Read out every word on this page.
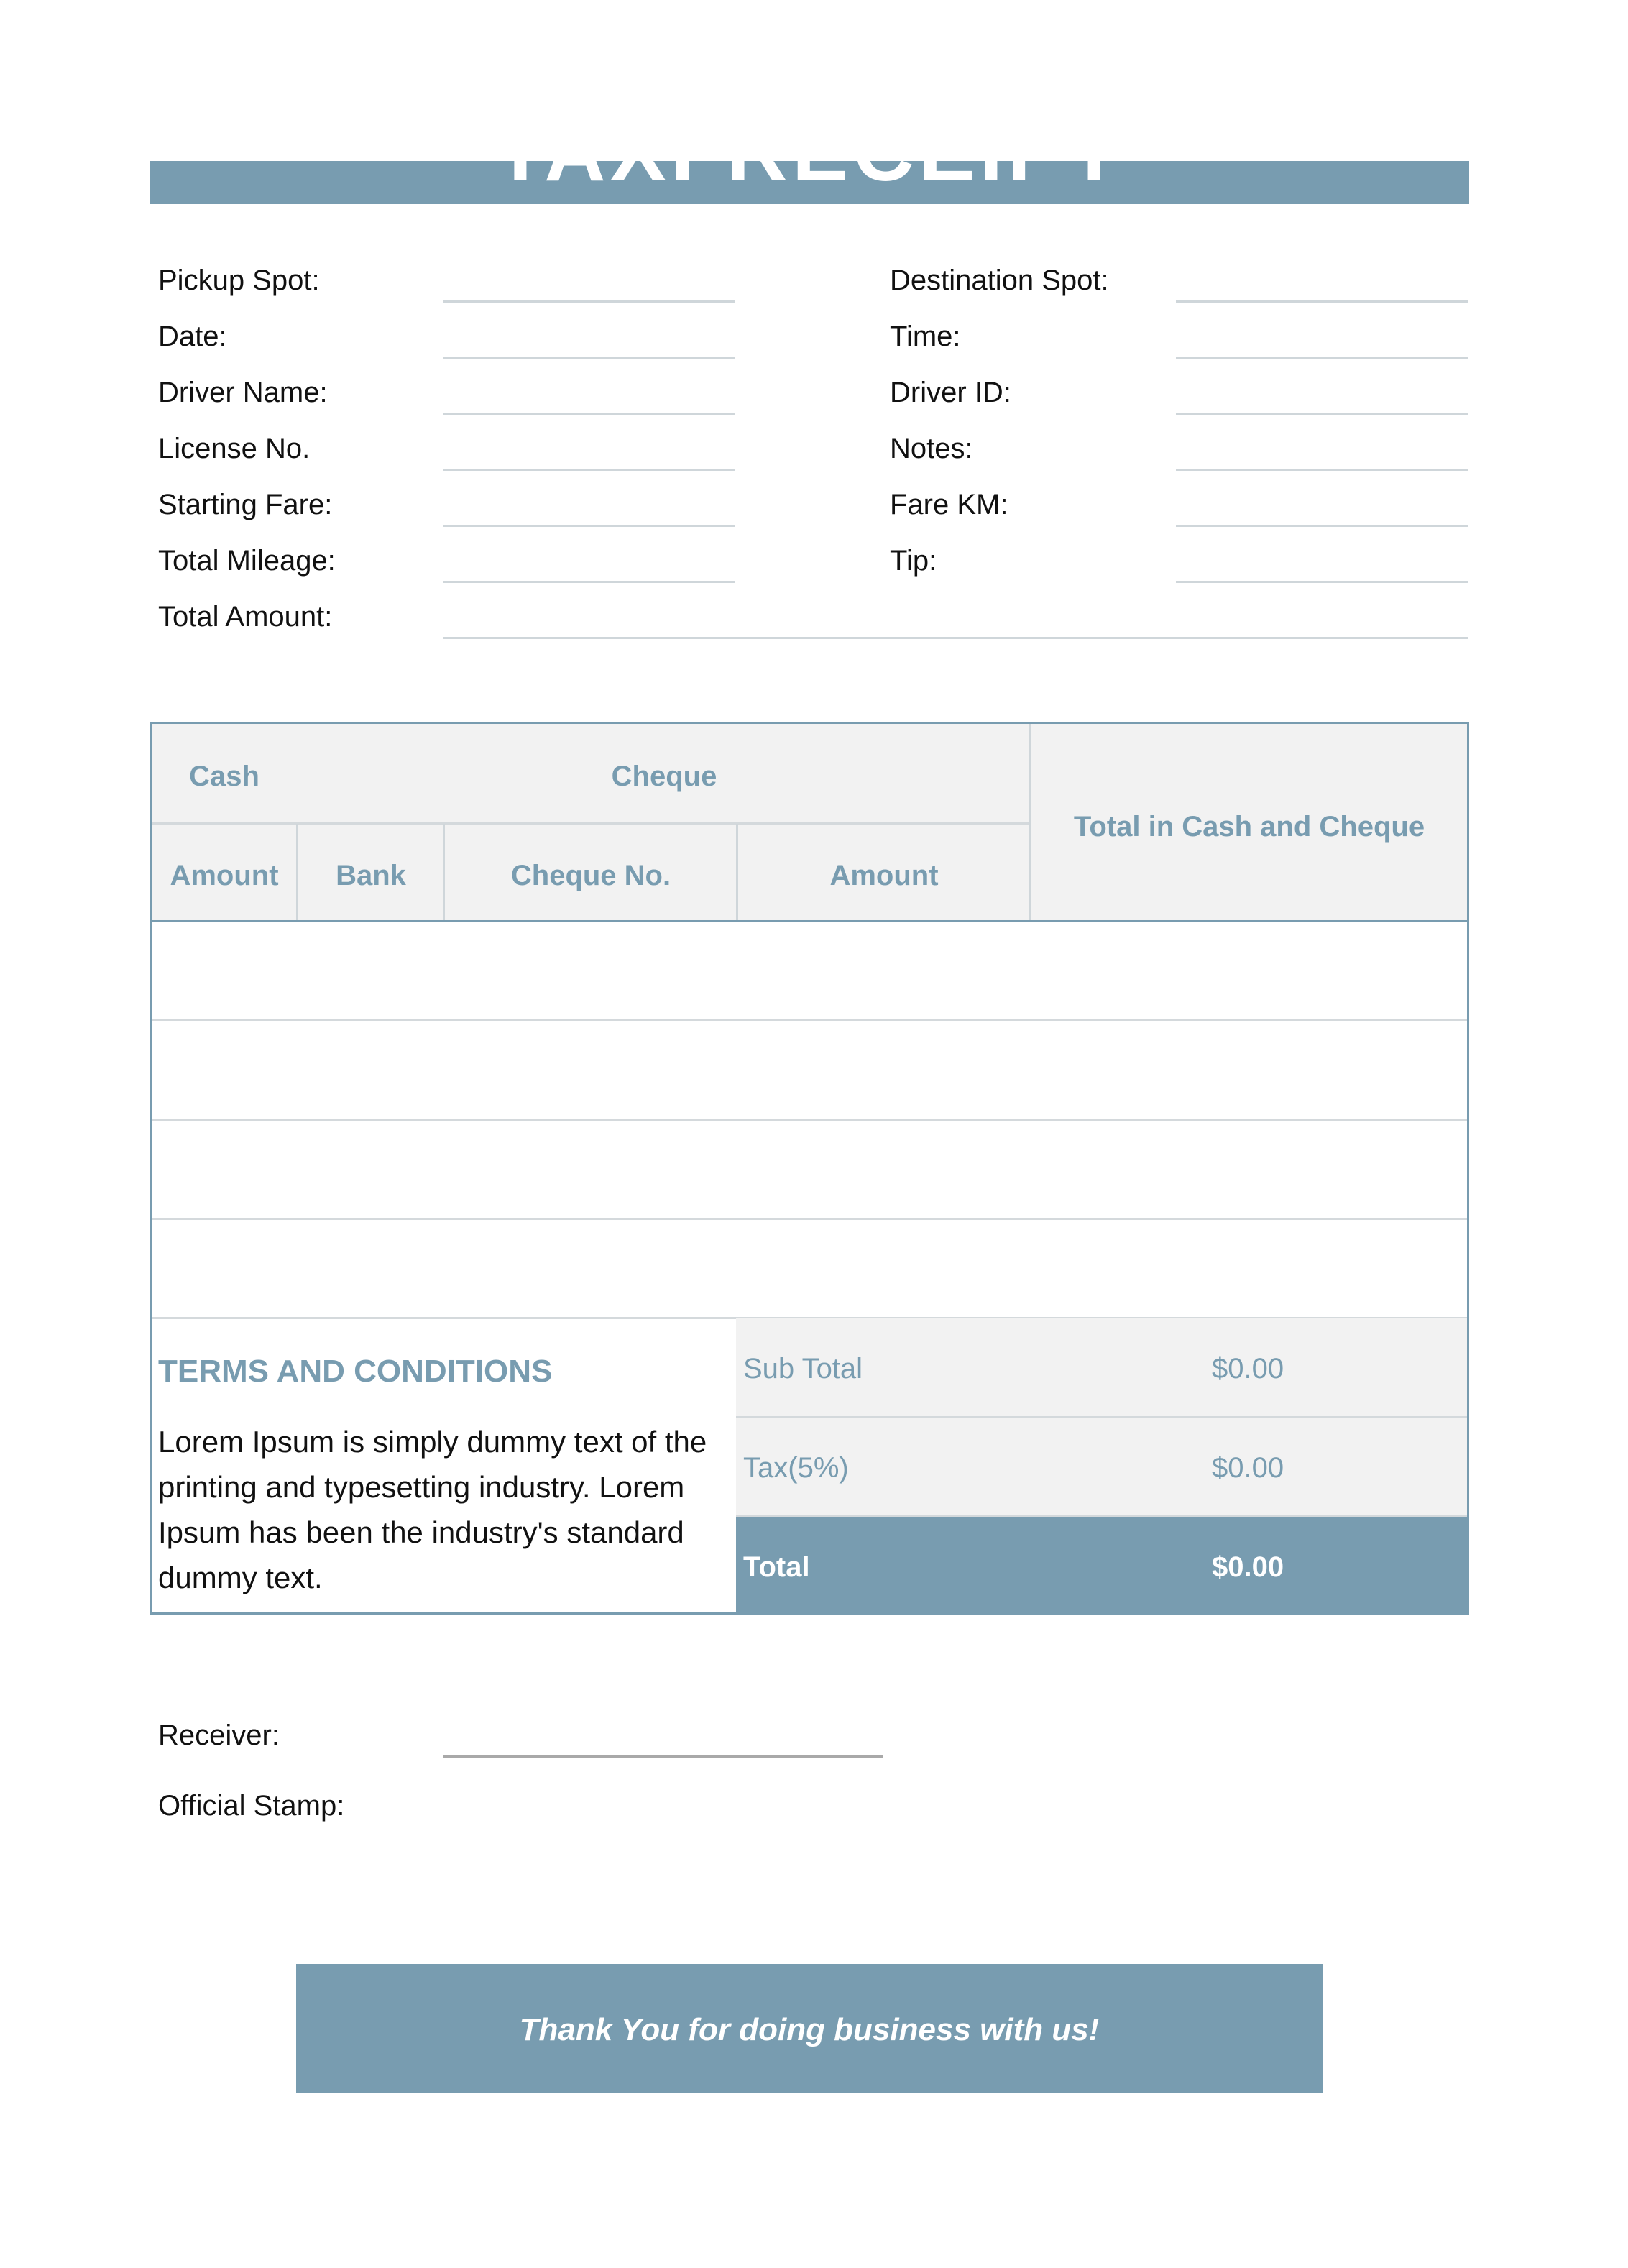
TAXI RECEIPT
Pickup Spot:
Date:
Driver Name:
License No.
Starting Fare:
Total Mileage:
Total Amount:
Destination Spot:
Time:
Driver ID:
Notes:
Fare KM:
Tip:
Cash	Cheque
Amount	Bank	Cheque No.	Amount
Total in Cash and Cheque
Sub Total	$0.00
Tax(5%)	$0.00
Total	$0.00
TERMS AND CONDITIONS
Lorem Ipsum is simply dummy text of the printing and typesetting industry. Lorem Ipsum has been the industry's standard dummy text.
Receiver:
Official Stamp:
Thank You for doing business with us!
